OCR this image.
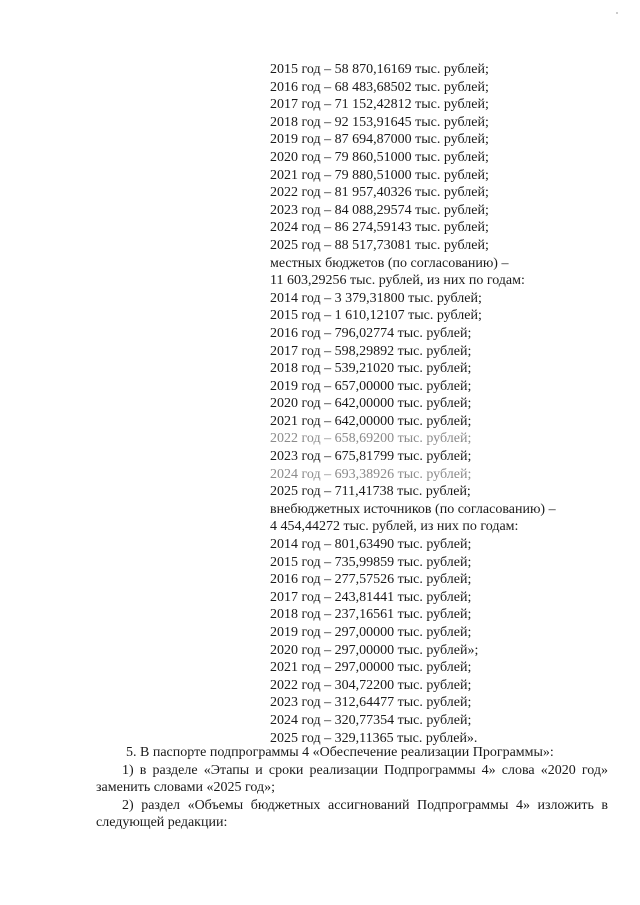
2015 год – 58 870,16169 тыс. рублей;
2016 год – 68 483,68502 тыс. рублей;
2017 год – 71 152,42812 тыс. рублей;
2018 год – 92 153,91645 тыс. рублей;
2019 год – 87 694,87000 тыс. рублей;
2020 год – 79 860,51000 тыс. рублей;
2021 год – 79 880,51000 тыс. рублей;
2022 год – 81 957,40326 тыс. рублей;
2023 год – 84 088,29574 тыс. рублей;
2024 год – 86 274,59143 тыс. рублей;
2025 год – 88 517,73081 тыс. рублей;
местных бюджетов (по согласованию) –
11 603,29256 тыс. рублей, из них по годам:
2014 год – 3 379,31800 тыс. рублей;
2015 год – 1 610,12107 тыс. рублей;
2016 год – 796,02774 тыс. рублей;
2017 год – 598,29892 тыс. рублей;
2018 год – 539,21020 тыс. рублей;
2019 год – 657,00000 тыс. рублей;
2020 год – 642,00000 тыс. рублей;
2021 год – 642,00000 тыс. рублей;
2022 год – 658,69200 тыс. рублей;
2023 год – 675,81799 тыс. рублей;
2024 год – 693,38926 тыс. рублей;
2025 год – 711,41738 тыс. рублей;
внебюджетных источников (по согласованию) –
4 454,44272 тыс. рублей, из них по годам:
2014 год – 801,63490 тыс. рублей;
2015 год – 735,99859 тыс. рублей;
2016 год – 277,57526 тыс. рублей;
2017 год – 243,81441 тыс. рублей;
2018 год – 237,16561 тыс. рублей;
2019 год – 297,00000 тыс. рублей;
2020 год – 297,00000 тыс. рублей»;
2021 год – 297,00000 тыс. рублей;
2022 год – 304,72200 тыс. рублей;
2023 год – 312,64477 тыс. рублей;
2024 год – 320,77354 тыс. рублей;
2025 год – 329,11365 тыс. рублей».

5. В паспорте подпрограммы 4 «Обеспечение реализации Программы»:

1) в разделе «Этапы и сроки реализации Подпрограммы 4» слова «2020 год» заменить словами «2025 год»;

2) раздел «Объемы бюджетных ассигнований Подпрограммы 4» изложить в следующей редакции:
